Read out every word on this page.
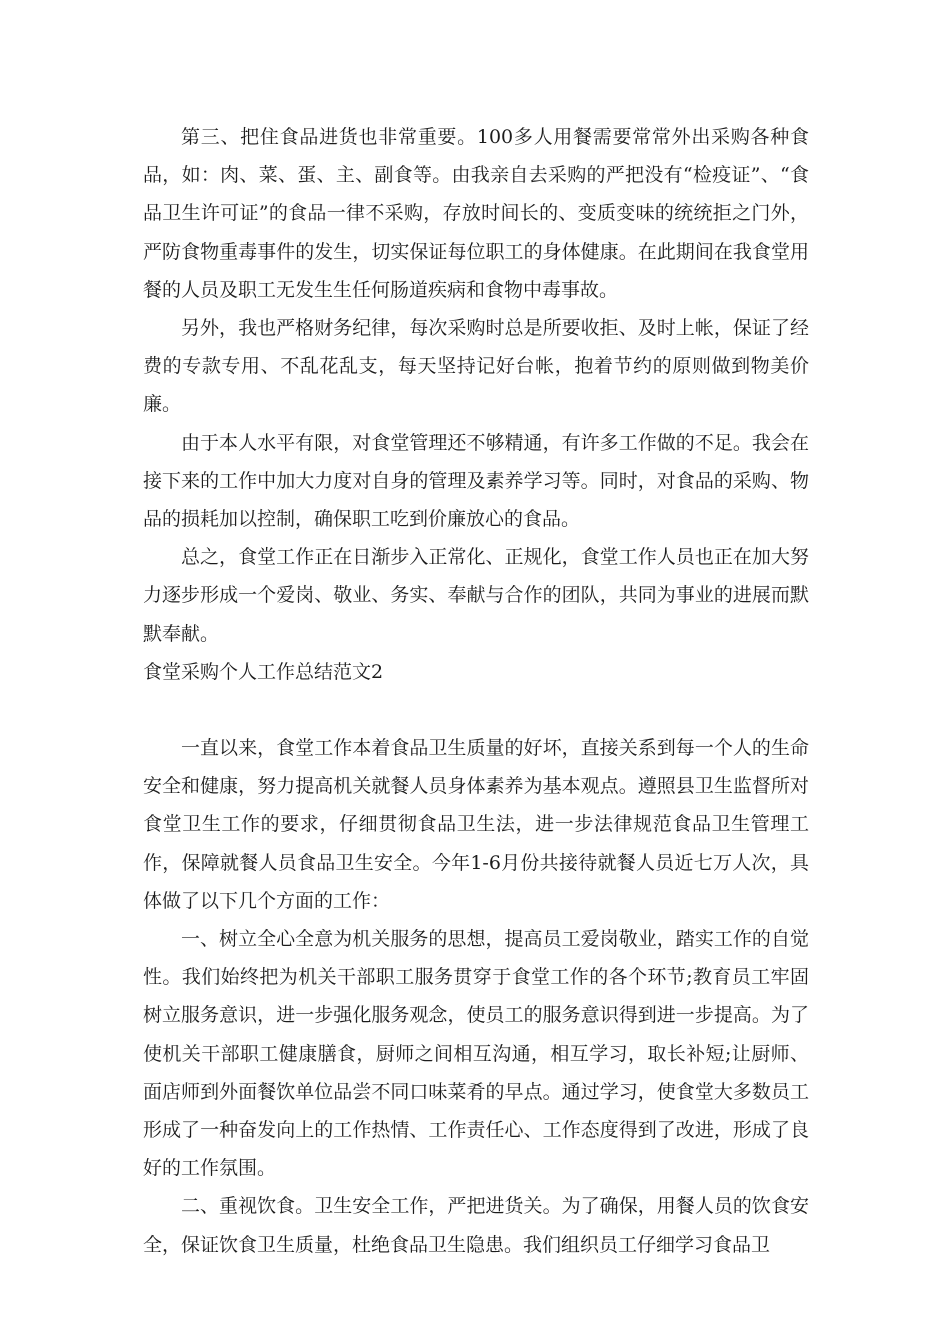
第三、把住食品进货也非常重要。100多人用餐需要常常外出采购各种食品，如：肉、菜、蛋、主、副食等。由我亲自去采购的严把没有“检疫证”、“食品卫生许可证”的食品一律不采购，存放时间长的、变质变味的统统拒之门外，严防食物重毒事件的发生，切实保证每位职工的身体健康。在此期间在我食堂用餐的人员及职工无发生生任何肠道疾病和食物中毒事故。

另外，我也严格财务纪律，每次采购时总是所要收拒、及时上帐，保证了经费的专款专用、不乱花乱支，每天坚持记好台帐，抱着节约的原则做到物美价廉。

由于本人水平有限，对食堂管理还不够精通，有许多工作做的不足。我会在接下来的工作中加大力度对自身的管理及素养学习等。同时，对食品的采购、物品的损耗加以控制，确保职工吃到价廉放心的食品。

总之，食堂工作正在日渐步入正常化、正规化，食堂工作人员也正在加大努力逐步形成一个爱岗、敬业、务实、奉献与合作的团队，共同为事业的进展而默默奉献。

食堂采购个人工作总结范文2

一直以来，食堂工作本着食品卫生质量的好坏，直接关系到每一个人的生命安全和健康，努力提高机关就餐人员身体素养为基本观点。遵照县卫生监督所对食堂卫生工作的要求，仔细贯彻食品卫生法，进一步法律规范食品卫生管理工作，保障就餐人员食品卫生安全。今年1-6月份共接待就餐人员近七万人次，具体做了以下几个方面的工作：

一、树立全心全意为机关服务的思想，提高员工爱岗敬业，踏实工作的自觉性。我们始终把为机关干部职工服务贯穿于食堂工作的各个环节;教育员工牢固树立服务意识，进一步强化服务观念，使员工的服务意识得到进一步提高。为了使机关干部职工健康膳食，厨师之间相互沟通，相互学习，取长补短;让厨师、面店师到外面餐饮单位品尝不同口味菜肴的早点。通过学习，使食堂大多数员工形成了一种奋发向上的工作热情、工作责任心、工作态度得到了改进，形成了良好的工作氛围。

二、重视饮食。卫生安全工作，严把进货关。为了确保，用餐人员的饮食安全，保证饮食卫生质量，杜绝食品卫生隐患。我们组织员工仔细学习食品卫
